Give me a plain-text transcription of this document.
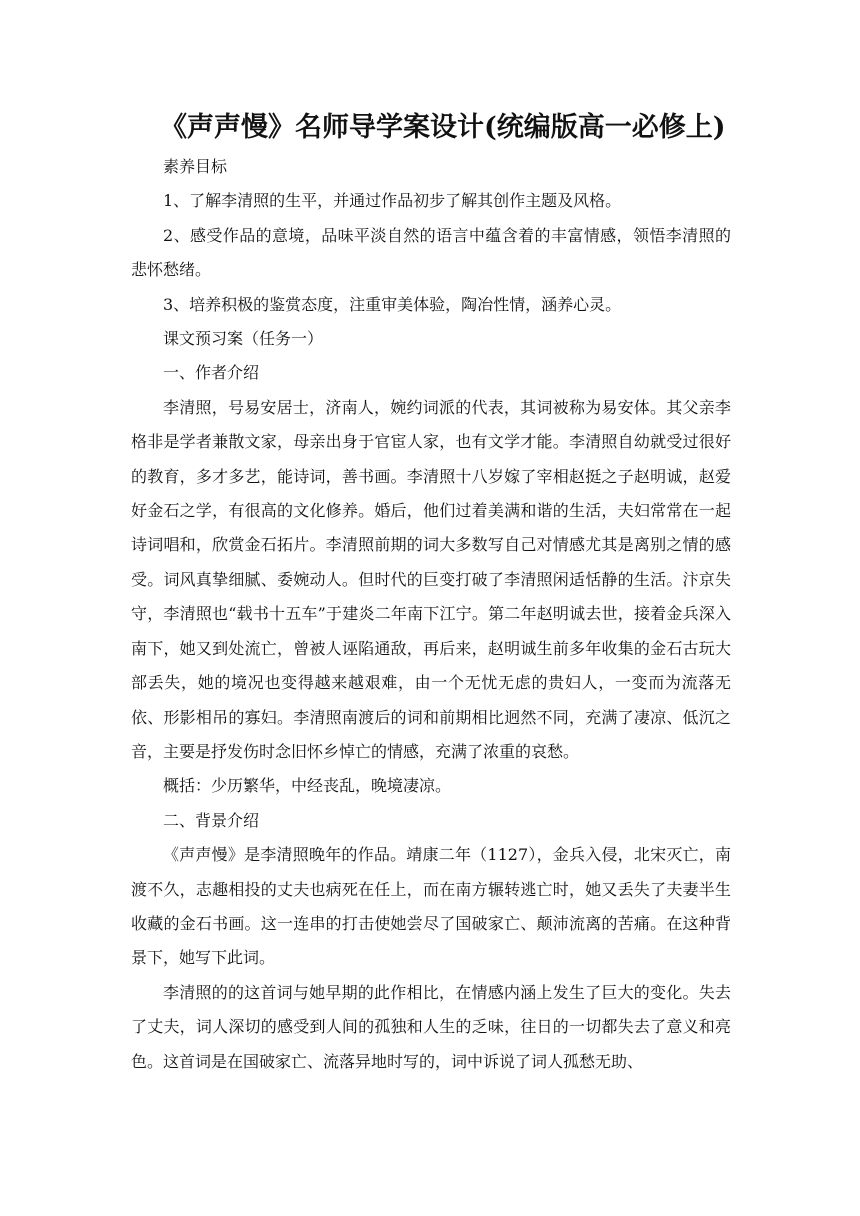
《声声慢》名师导学案设计(统编版高一必修上)

素养目标

1、了解李清照的生平，并通过作品初步了解其创作主题及风格。

2、感受作品的意境，品味平淡自然的语言中蕴含着的丰富情感，领悟李清照的悲怀愁绪。

3、培养积极的鉴赏态度，注重审美体验，陶冶性情，涵养心灵。

课文预习案（任务一）

一、作者介绍

李清照，号易安居士，济南人，婉约词派的代表，其词被称为易安体。其父亲李格非是学者兼散文家，母亲出身于官宦人家，也有文学才能。李清照自幼就受过很好的教育，多才多艺，能诗词，善书画。李清照十八岁嫁了宰相赵挺之子赵明诚，赵爱好金石之学，有很高的文化修养。婚后，他们过着美满和谐的生活，夫妇常常在一起诗词唱和，欣赏金石拓片。李清照前期的词大多数写自己对情感尤其是离别之情的感受。词风真挚细腻、委婉动人。但时代的巨变打破了李清照闲适恬静的生活。汴京失守，李清照也“载书十五车”于建炎二年南下江宁。第二年赵明诚去世，接着金兵深入南下，她又到处流亡，曾被人诬陷通敌，再后来，赵明诚生前多年收集的金石古玩大部丢失，她的境况也变得越来越艰难，由一个无忧无虑的贵妇人，一变而为流落无依、形影相吊的寡妇。李清照南渡后的词和前期相比迥然不同，充满了凄凉、低沉之音，主要是抒发伤时念旧怀乡悼亡的情感，充满了浓重的哀愁。

概括：少历繁华，中经丧乱，晚境凄凉。

二、背景介绍

《声声慢》是李清照晚年的作品。靖康二年（1127），金兵入侵，北宋灭亡，南渡不久，志趣相投的丈夫也病死在任上，而在南方辗转逃亡时，她又丢失了夫妻半生收藏的金石书画。这一连串的打击使她尝尽了国破家亡、颠沛流离的苦痛。在这种背景下，她写下此词。

李清照的的这首词与她早期的此作相比，在情感内涵上发生了巨大的变化。失去了丈夫，词人深切的感受到人间的孤独和人生的乏味，往日的一切都失去了意义和亮色。这首词是在国破家亡、流落异地时写的，词中诉说了词人孤愁无助、
